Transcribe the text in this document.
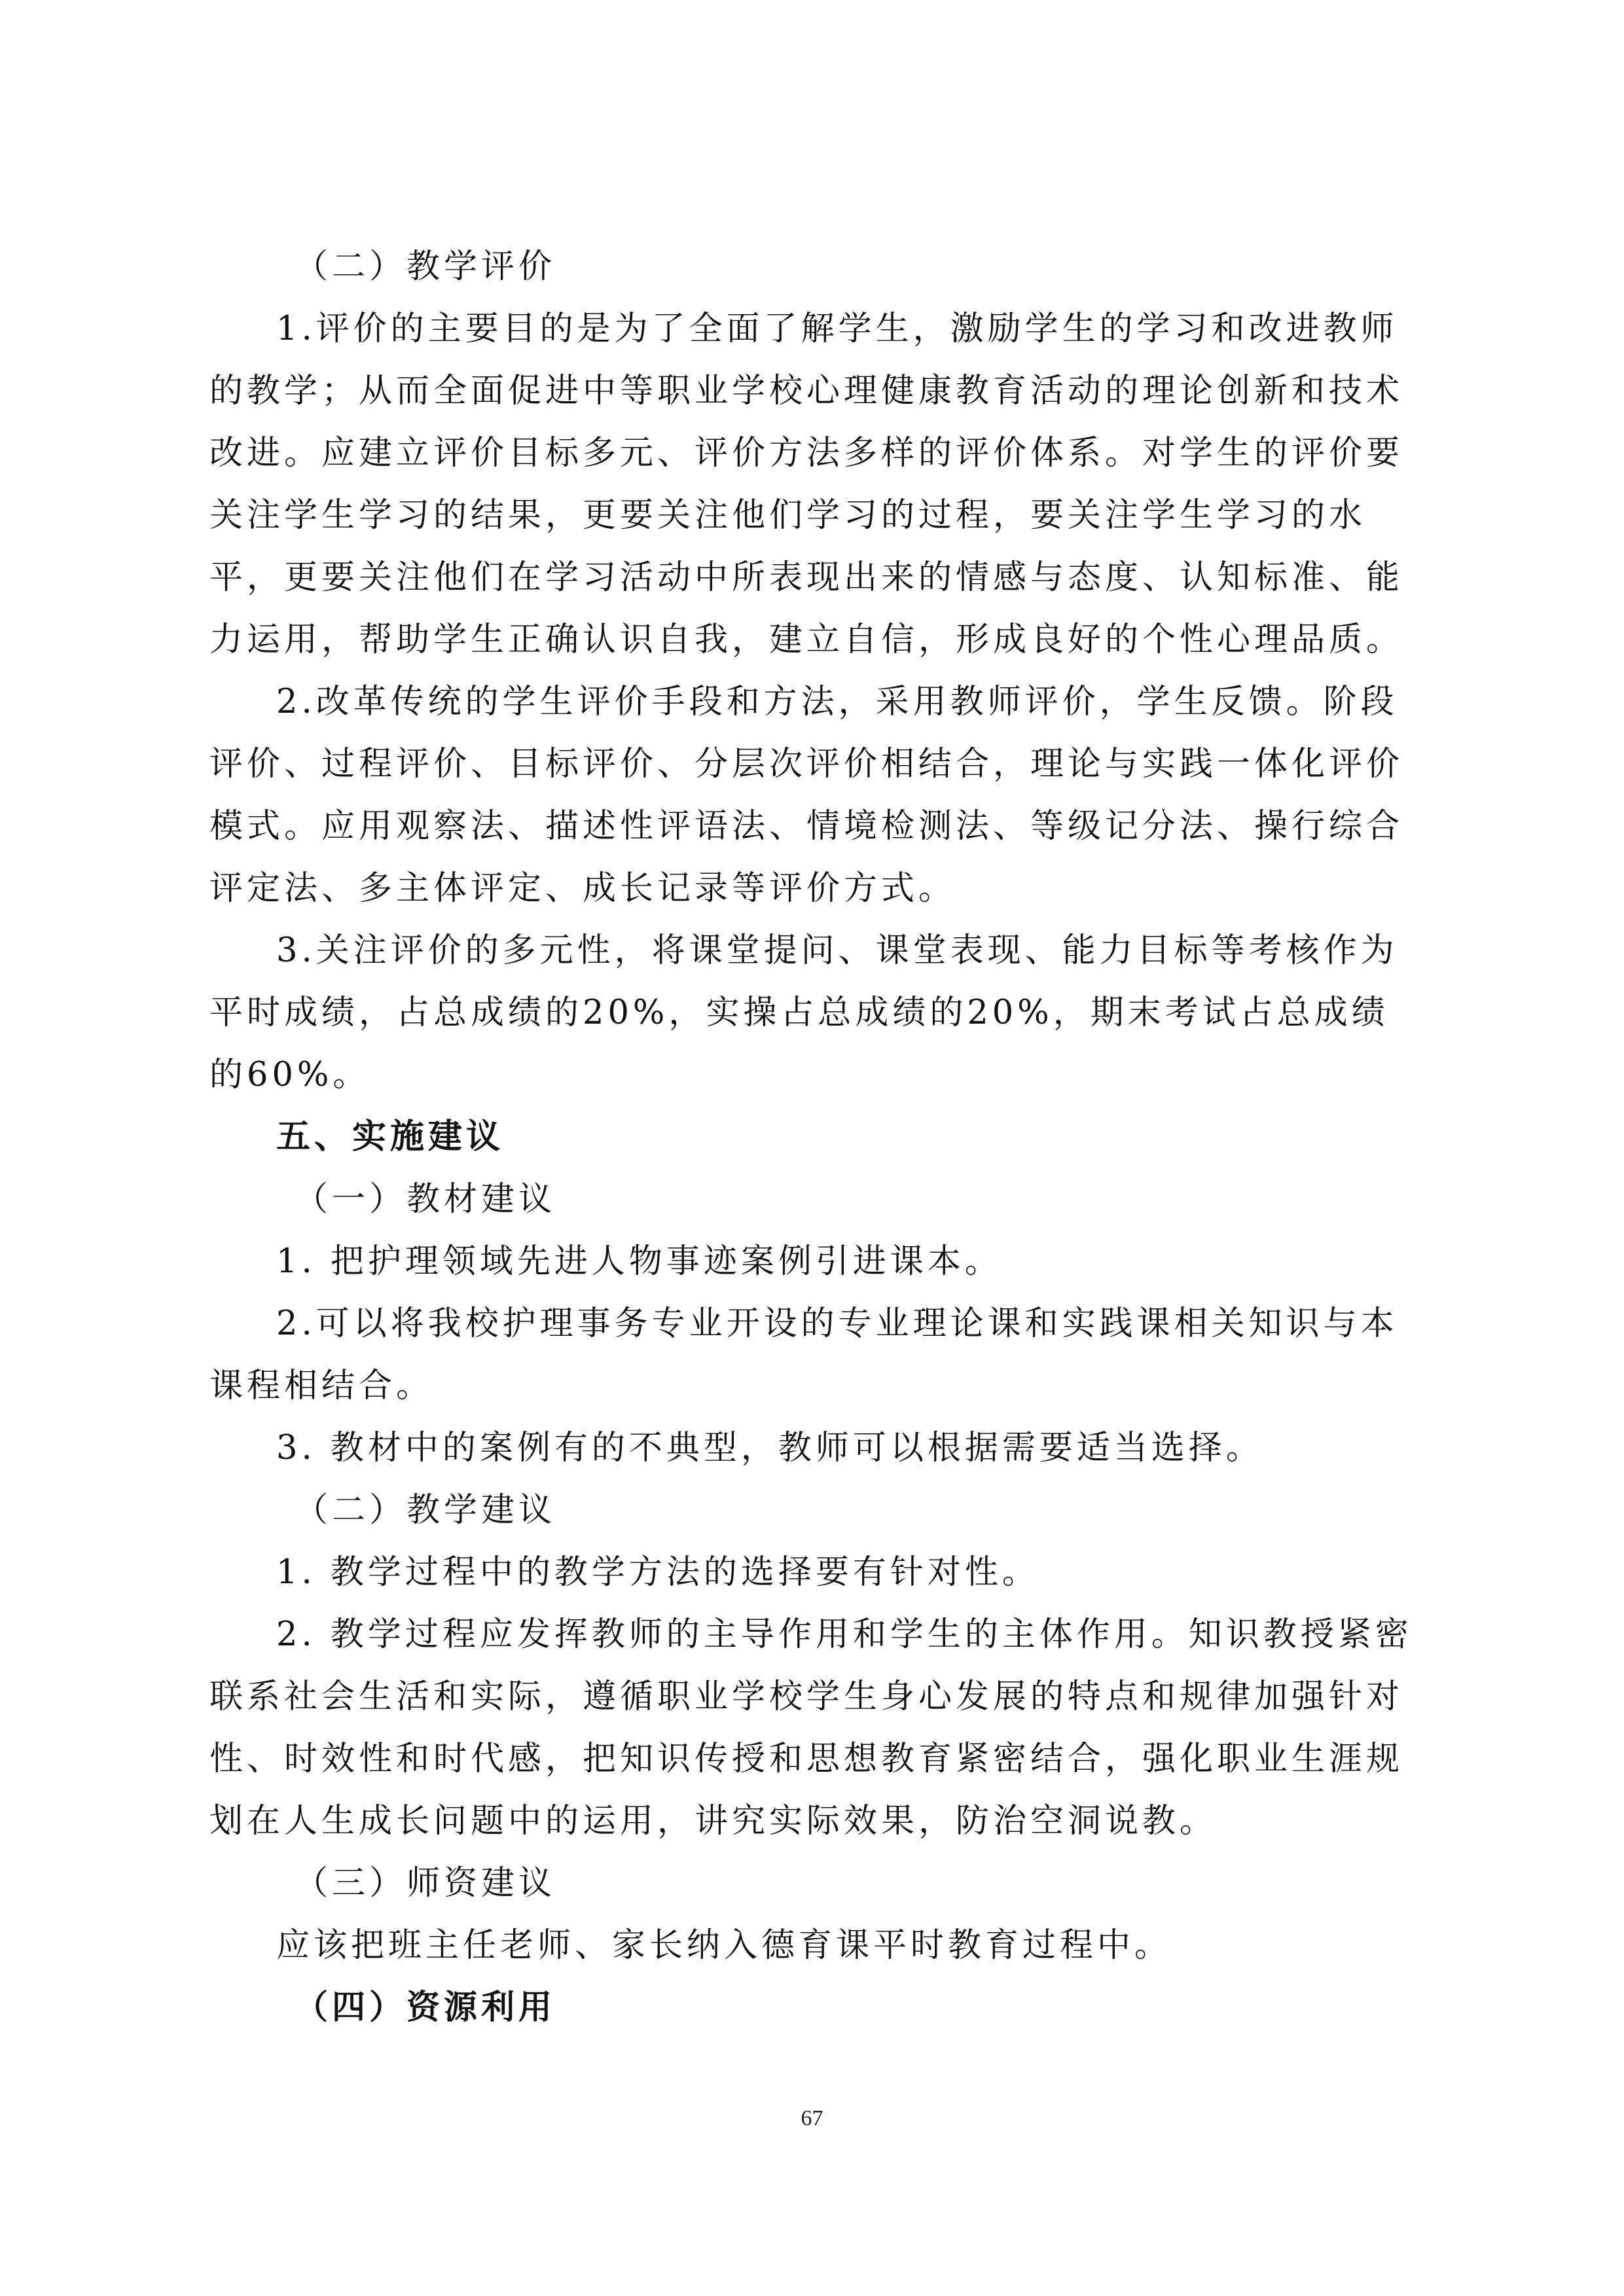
（二）教学评价

1.评价的主要目的是为了全面了解学生，激励学生的学习和改进教师的教学；从而全面促进中等职业学校心理健康教育活动的理论创新和技术改进。应建立评价目标多元、评价方法多样的评价体系。对学生的评价要关注学生学习的结果，更要关注他们学习的过程，要关注学生学习的水平，更要关注他们在学习活动中所表现出来的情感与态度、认知标准、能力运用，帮助学生正确认识自我，建立自信，形成良好的个性心理品质。

2.改革传统的学生评价手段和方法，采用教师评价，学生反馈。阶段评价、过程评价、目标评价、分层次评价相结合，理论与实践一体化评价模式。应用观察法、描述性评语法、情境检测法、等级记分法、操行综合评定法、多主体评定、成长记录等评价方式。

3.关注评价的多元性，将课堂提问、课堂表现、能力目标等考核作为平时成绩，占总成绩的20%，实操占总成绩的20%，期末考试占总成绩的60%。

五、实施建议

（一）教材建议

1. 把护理领域先进人物事迹案例引进课本。

2.可以将我校护理事务专业开设的专业理论课和实践课相关知识与本课程相结合。

3. 教材中的案例有的不典型，教师可以根据需要适当选择。

（二）教学建议

1. 教学过程中的教学方法的选择要有针对性。

2. 教学过程应发挥教师的主导作用和学生的主体作用。知识教授紧密联系社会生活和实际，遵循职业学校学生身心发展的特点和规律加强针对性、时效性和时代感，把知识传授和思想教育紧密结合，强化职业生涯规划在人生成长问题中的运用，讲究实际效果，防治空洞说教。

（三）师资建议

应该把班主任老师、家长纳入德育课平时教育过程中。

（四）资源利用

67
